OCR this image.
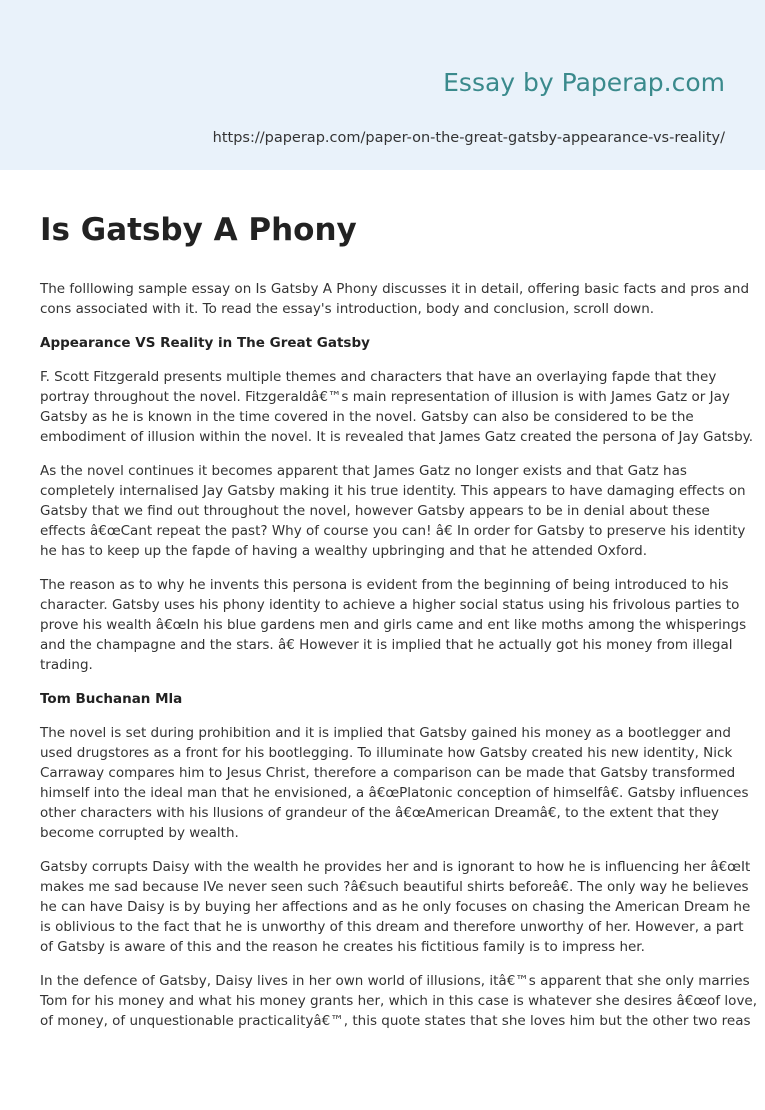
Essay by Paperap.com
https://paperap.com/paper-on-the-great-gatsby-appearance-vs-reality/
Is Gatsby A Phony

The folllowing sample essay on Is Gatsby A Phony discusses it in detail, offering basic facts and pros and

cons associated with it. To read the essay's introduction, body and conclusion, scroll down.

Appearance VS Reality in The Great Gatsby

F. Scott Fitzgerald presents multiple themes and characters that have an overlaying fapde that they

portray throughout the novel. Fitzgeraldâ€™s main representation of illusion is with James Gatz or Jay

Gatsby as he is known in the time covered in the novel. Gatsby can also be considered to be the

embodiment of illusion within the novel. It is revealed that James Gatz created the persona of Jay Gatsby.

As the novel continues it becomes apparent that James Gatz no longer exists and that Gatz has

completely internalised Jay Gatsby making it his true identity. This appears to have damaging effects on

Gatsby that we find out throughout the novel, however Gatsby appears to be in denial about these

effects â€œCant repeat the past? Why of course you can! â€ In order for Gatsby to preserve his identity

he has to keep up the fapde of having a wealthy upbringing and that he attended Oxford.

The reason as to why he invents this persona is evident from the beginning of being introduced to his

character. Gatsby uses his phony identity to achieve a higher social status using his frivolous parties to

prove his wealth â€œIn his blue gardens men and girls came and ent like moths among the whisperings

and the champagne and the stars. â€ However it is implied that he actually got his money from illegal

trading.

Tom Buchanan Mla

The novel is set during prohibition and it is implied that Gatsby gained his money as a bootlegger and

used drugstores as a front for his bootlegging. To illuminate how Gatsby created his new identity, Nick

Carraway compares him to Jesus Christ, therefore a comparison can be made that Gatsby transformed

himself into the ideal man that he envisioned, a â€œPlatonic conception of himselfâ€. Gatsby influences

other characters with his llusions of grandeur of the â€œAmerican Dreamâ€, to the extent that they

become corrupted by wealth.

Gatsby corrupts Daisy with the wealth he provides her and is ignorant to how he is influencing her â€œIt

makes me sad because IVe never seen such ?â€such beautiful shirts beforeâ€. The only way he believes

he can have Daisy is by buying her affections and as he only focuses on chasing the American Dream he

is oblivious to the fact that he is unworthy of this dream and therefore unworthy of her. However, a part

of Gatsby is aware of this and the reason he creates his fictitious family is to impress her.

In the defence of Gatsby, Daisy lives in her own world of illusions, itâ€™s apparent that she only marries

Tom for his money and what his money grants her, which in this case is whatever she desires â€œof love,

of money, of unquestionable practicalityâ€™, this quote states that she loves him but the other two reas
